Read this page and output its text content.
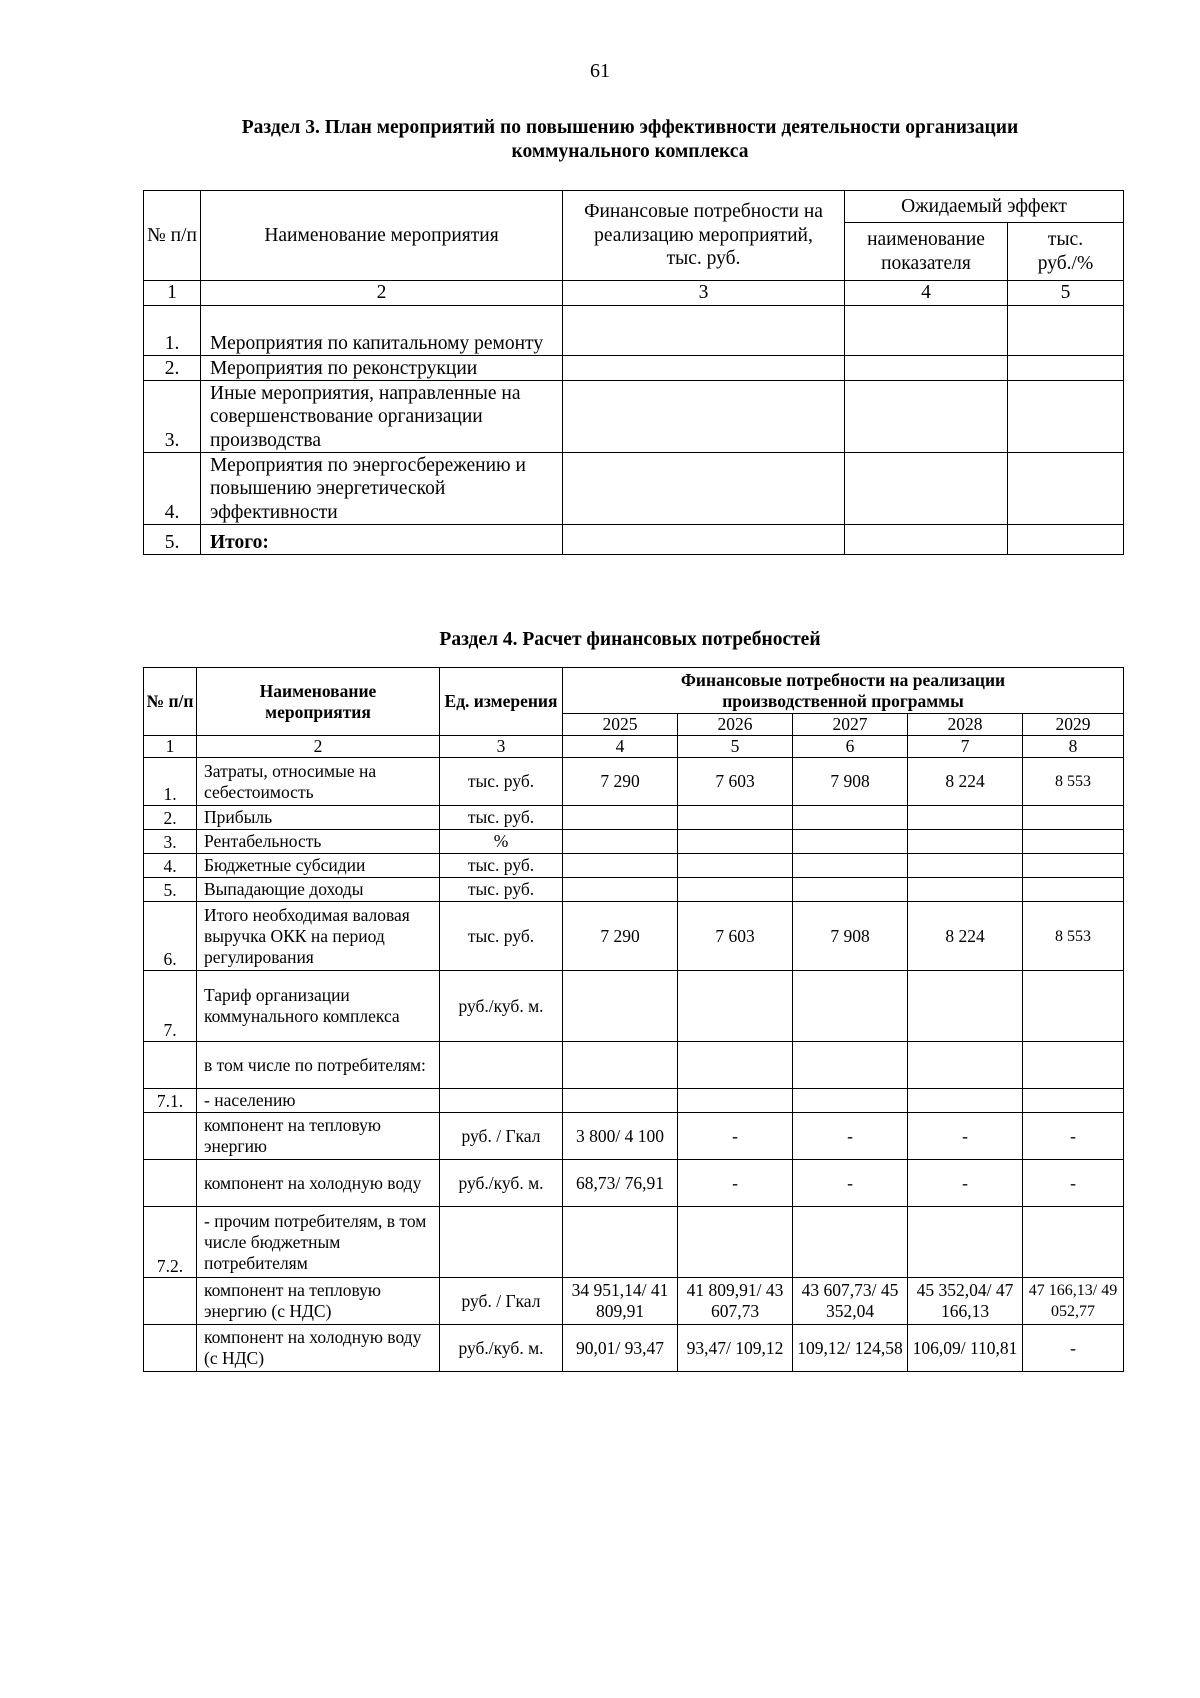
61
Раздел 3. План мероприятий по повышению эффективности деятельности организации
коммунального комплекса
№ п/п	Наименование мероприятия	Финансовые потребности на реализацию мероприятий, тыс. руб.	Ожидаемый эффект	
			наименование показателя	тыс. руб./%
1	2	3	4	5
1.	Мероприятия по капитальному ремонту			
2.	Мероприятия по реконструкции			
3.	Иные мероприятия, направленные на совершенствование организации производства			
4.	Мероприятия по энергосбережению и повышению энергетической эффективности			
5.	Итого:			
Раздел 4. Расчет финансовых потребностей
№ п/п	Наименование мероприятия	Ед. измерения	Финансовые потребности на реализации производственной программы				
			2025	2026	2027	2028	2029
1	2	3	4	5	6	7	8
1.	Затраты, относимые на себестоимость	тыс. руб.	7 290	7 603	7 908	8 224	8 553
2.	Прибыль	тыс. руб.					
3.	Рентабельность	%					
4.	Бюджетные субсидии	тыс. руб.					
5.	Выпадающие доходы	тыс. руб.					
6.	Итого необходимая валовая выручка ОКК на период регулирования	тыс. руб.	7 290	7 603	7 908	8 224	8 553
7.	Тариф организации коммунального комплекса	руб./куб. м.					
	в том числе по потребителям:						
7.1.	- населению						
	компонент на тепловую энергию	руб. / Гкал	3 800/ 4 100	-	-	-	-
	компонент на холодную воду	руб./куб. м.	68,73/ 76,91	-	-	-	-
7.2.	- прочим потребителям, в том числе бюджетным потребителям						
	компонент на тепловую энергию (с НДС)	руб. / Гкал	34 951,14/ 41 809,91	41 809,91/ 43 607,73	43 607,73/ 45 352,04	45 352,04/ 47 166,13	47 166,13/ 49 052,77
	компонент на холодную воду (с НДС)	руб./куб. м.	90,01/ 93,47	93,47/ 109,12	109,12/ 124,58	106,09/ 110,81	-
